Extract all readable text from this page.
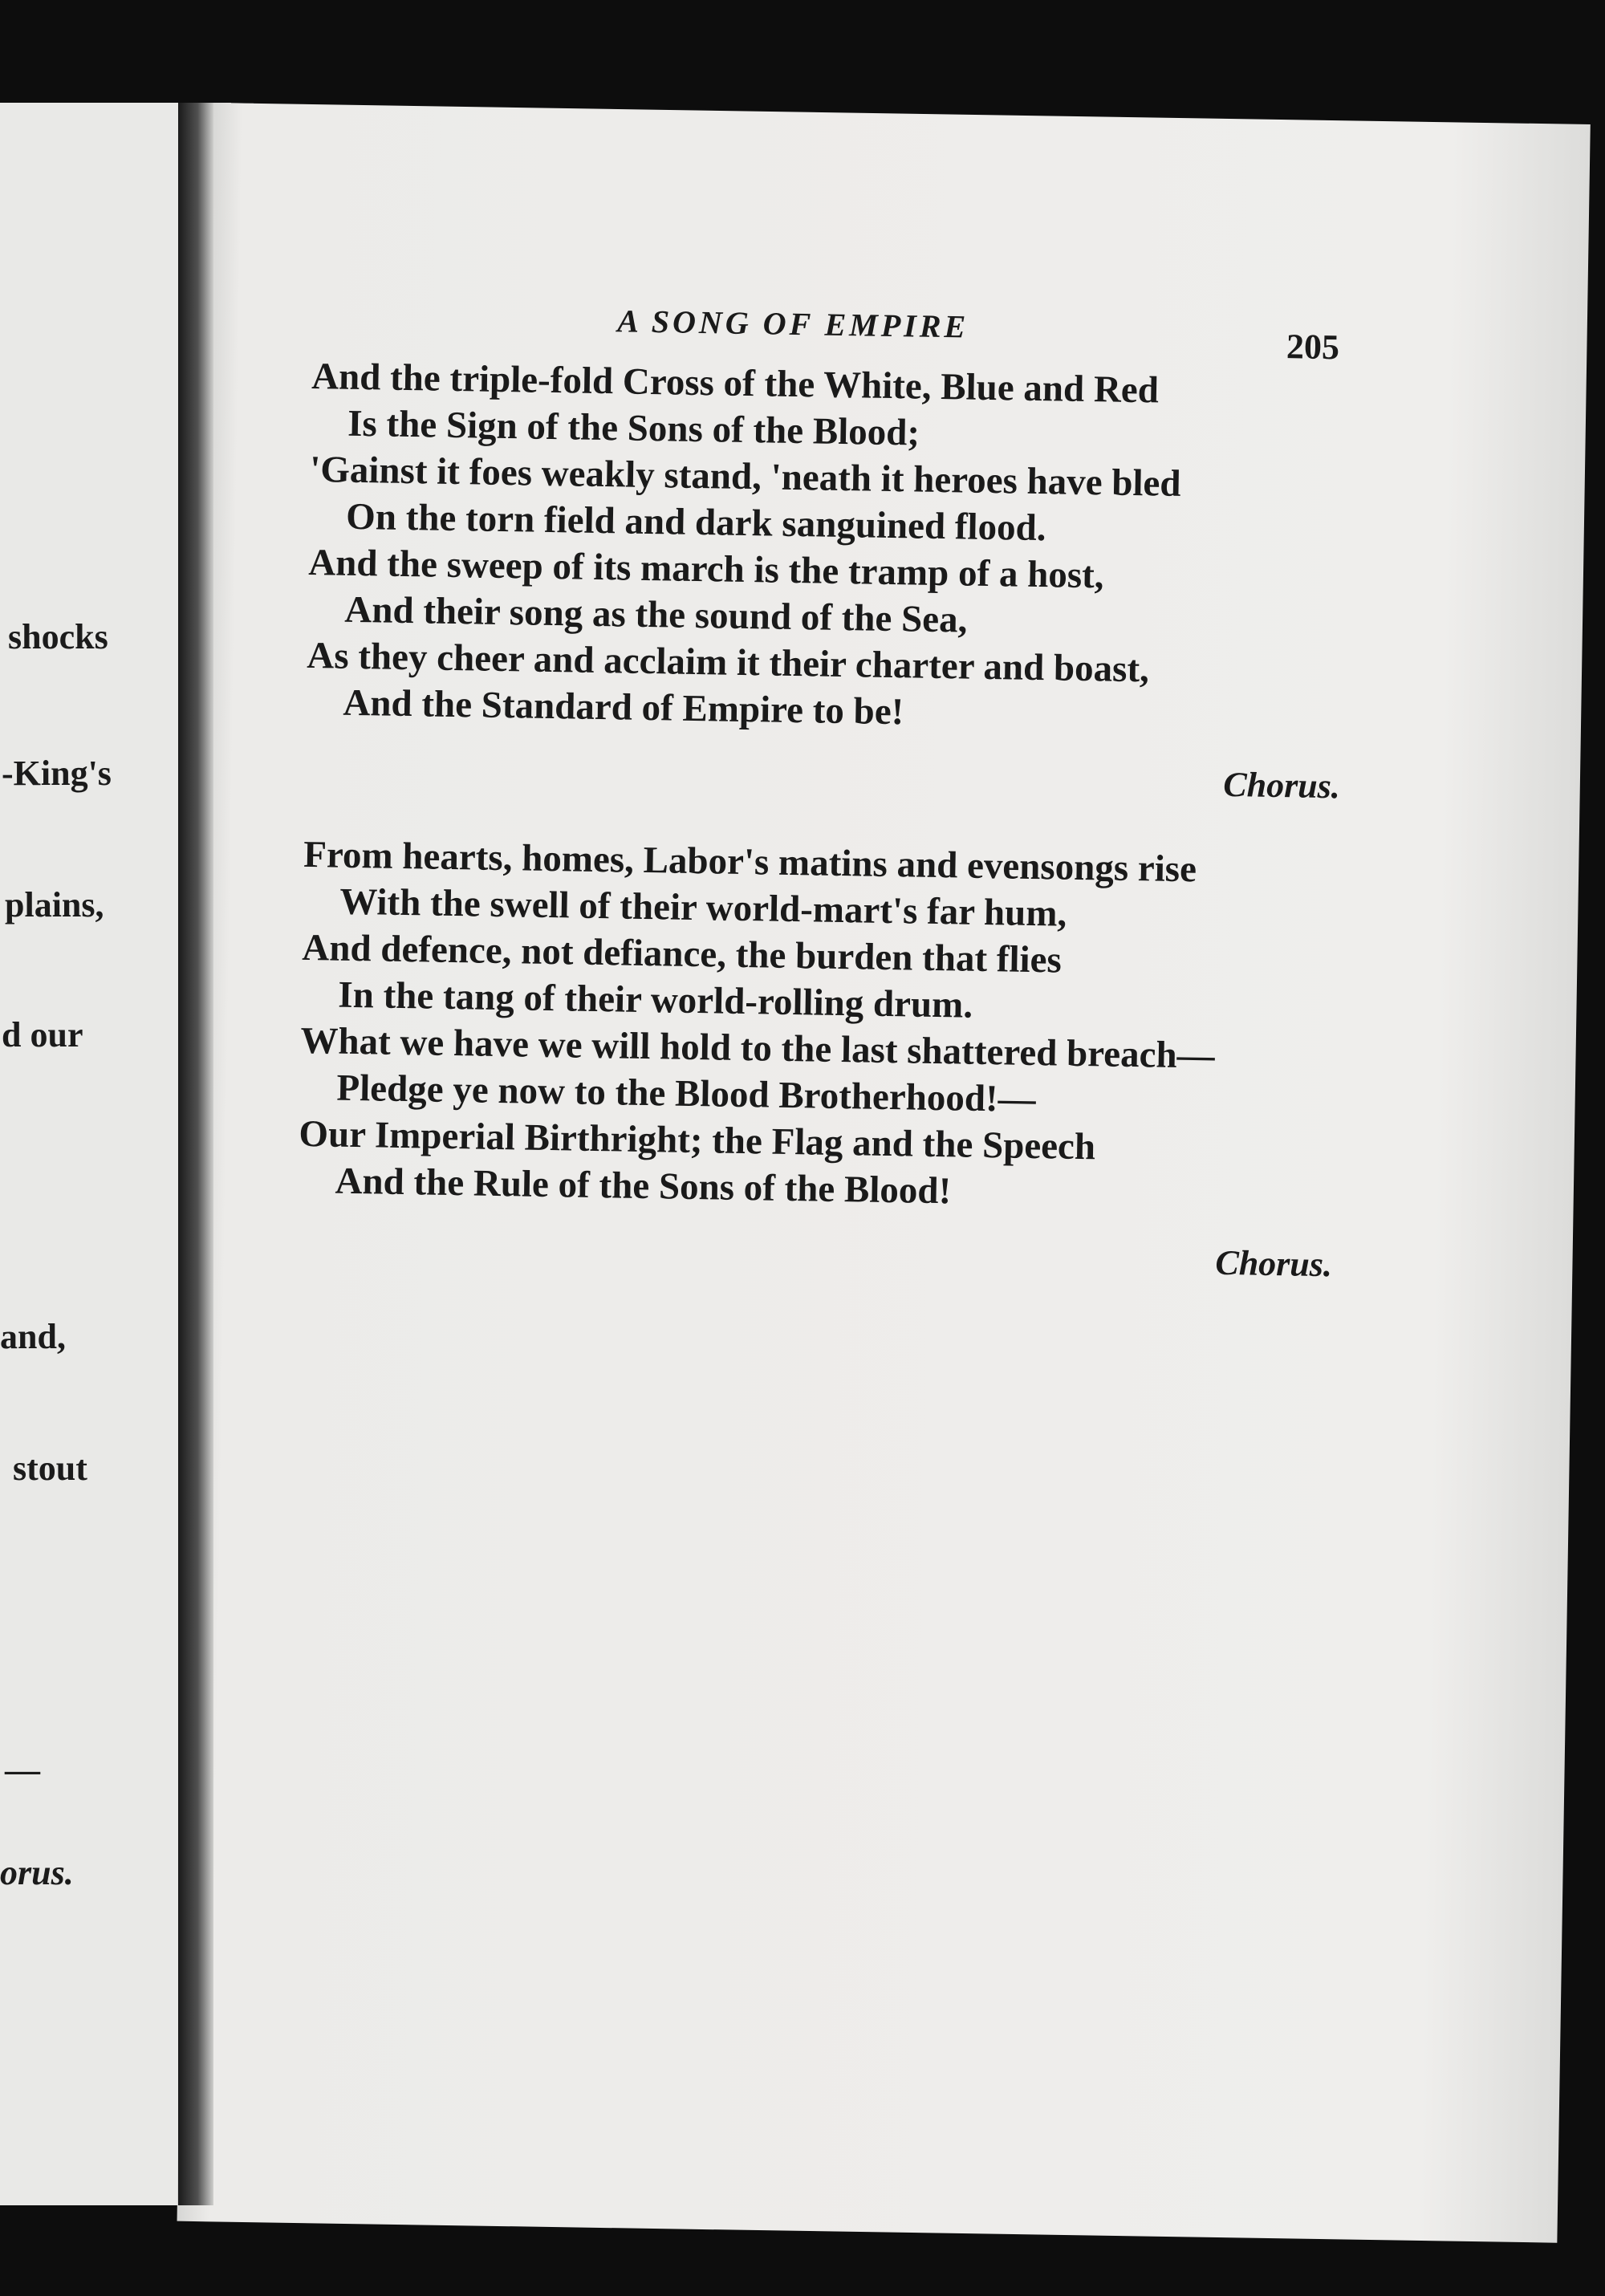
shocks
-King's
plains,
d our
and,
stout
—
orus.
A SONG OF EMPIRE
205
And the triple-fold Cross of the White, Blue and Red
Is the Sign of the Sons of the Blood;
'Gainst it foes weakly stand, 'neath it heroes have bled
On the torn field and dark sanguined flood.
And the sweep of its march is the tramp of a host,
And their song as the sound of the Sea,
As they cheer and acclaim it their charter and boast,
And the Standard of Empire to be!
Chorus.
From hearts, homes, Labor's matins and evensongs rise
With the swell of their world-mart's far hum,
And defence, not defiance, the burden that flies
In the tang of their world-rolling drum.
What we have we will hold to the last shattered breach—
Pledge ye now to the Blood Brotherhood!—
Our Imperial Birthright; the Flag and the Speech
And the Rule of the Sons of the Blood!
Chorus.
